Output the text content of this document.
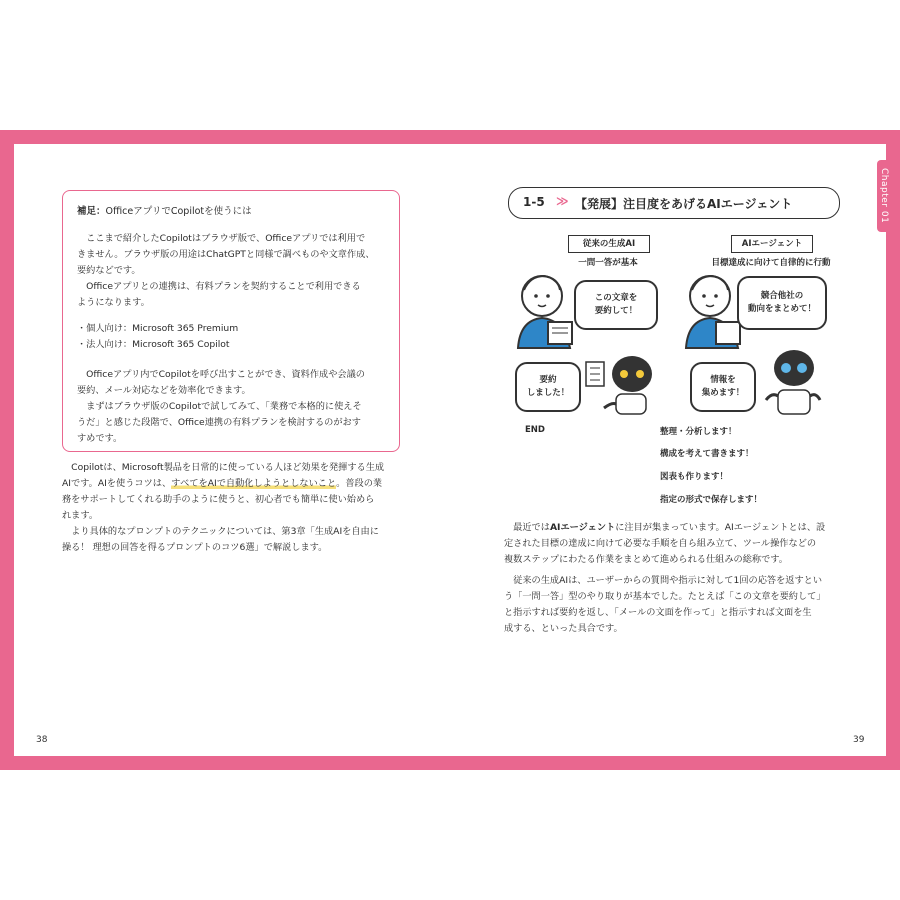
Chapter 01
補足：OfficeアプリでCopilotを使うには
　ここまで紹介したCopilotはブラウザ版で、Officeアプリでは利用で
きません。ブラウザ版の用途はChatGPTと同様で調べものや文章作成、
要約などです。
　Officeアプリとの連携は、有料プランを契約することで利用できる
ようになります。
・個人向け：Microsoft 365 Premium
・法人向け：Microsoft 365 Copilot
　Officeアプリ内でCopilotを呼び出すことができ、資料作成や会議の
要約、メール対応などを効率化できます。
　まずはブラウザ版のCopilotで試してみて、「業務で本格的に使えそ
うだ」と感じた段階で、Office連携の有料プランを検討するのがおす
すめです。
　Copilotは、Microsoft製品を日常的に使っている人ほど効果を発揮する生成
AIです。AIを使うコツは、すべてをAIで自動化しようとしないこと。普段の業
務をサポートしてくれる助手のように使うと、初心者でも簡単に使い始めら
れます。
　より具体的なプロンプトのテクニックについては、第3章「生成AIを自由に
操る！ 理想の回答を得るプロンプトのコツ6選」で解説します。
38	39
1-5 ≫ 【発展】注目度をあげるAIエージェント
従来の生成AI
一問一答が基本
AIエージェント
目標達成に向けて自律的に行動
この文章を
要約して！
要約
しました！
END
競合他社の
動向をまとめて！
情報を
集めます！
整理・分析します！
構成を考えて書きます！
図表も作ります！
指定の形式で保存します！
　最近ではAIエージェントに注目が集まっています。AIエージェントとは、設
定された目標の達成に向けて必要な手順を自ら組み立て、ツール操作などの
複数ステップにわたる作業をまとめて進められる仕組みの総称です。
　従来の生成AIは、ユーザーからの質問や指示に対して1回の応答を返すとい
う「一問一答」型のやり取りが基本でした。たとえば「この文章を要約して」
と指示すれば要約を返し、「メールの文面を作って」と指示すれば文面を生
成する、といった具合です。
